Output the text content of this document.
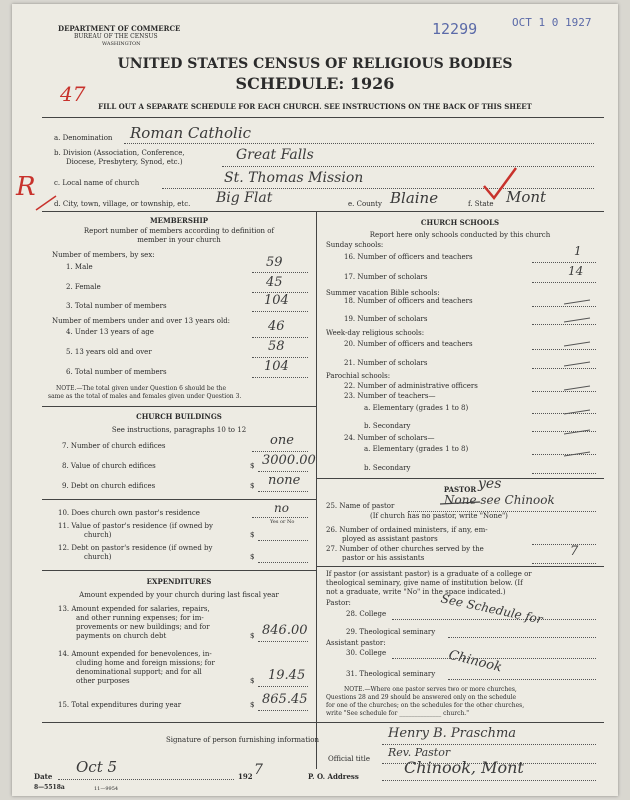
DEPARTMENT OF COMMERCE
BUREAU OF THE CENSUS
WASHINGTON
12299	OCT 1 0 1927
UNITED STATES CENSUS OF RELIGIOUS BODIES
SCHEDULE: 1926
47
FILL OUT A SEPARATE SCHEDULE FOR EACH CHURCH. SEE INSTRUCTIONS ON THE BACK OF THIS SHEET
R
a. Denomination Roman Catholic
b. Division (Association, Conference,
Diocese, Presbytery, Synod, etc.)	Great Falls
c. Local name of church	St. Thomas Mission
d. City, town, village, or township, etc. Big Flat	e. County Blaine	f. State Mont
MEMBERSHIP
Report number of members according to definition of
member in your church
Number of members, by sex:
1. Male	59
2. Female	45
3. Total number of members	104
Number of members under and over 13 years old:
4. Under 13 years of age	46
5. 13 years old and over	58
6. Total number of members	104
NOTE.—The total given under Question 6 should be the
same as the total of males and females given under Question 3.
CHURCH BUILDINGS
See instructions, paragraphs 10 to 12
7. Number of church edifices	one
8. Value of church edifices	$ 3000.00
9. Debt on church edifices	$ none
10. Does church own pastor's residence	no
Yes or No
11. Value of pastor's residence (if owned by
church)	$
12. Debt on pastor's residence (if owned by
church)	$
EXPENDITURES
Amount expended by your church during last fiscal year
13. Amount expended for salaries, repairs,
and other running expenses; for im-
provements or new buildings; and for
payments on church debt	$ 846.00
14. Amount expended for benevolences, in-
cluding home and foreign missions; for
denominational support; and for all
other purposes	$ 19.45
15. Total expenditures during year	$ 865.45
CHURCH SCHOOLS
Report here only schools conducted by this church
Sunday schools:
16. Number of officers and teachers	1
17. Number of scholars	14
Summer vacation Bible schools:
18. Number of officers and teachers
19. Number of scholars
Week-day religious schools:
20. Number of officers and teachers
21. Number of scholars
Parochial schools:
22. Number of administrative officers
23. Number of teachers—
a. Elementary (grades 1 to 8)
b. Secondary
24. Number of scholars—
a. Elementary (grades 1 to 8)
b. Secondary
PASTOR yes
25. Name of pastor	None see Chinook
(If church has no pastor, write "None")
26. Number of ordained ministers, if any, em-
ployed as assistant pastors
27. Number of other churches served by the
pastor or his assistants	7
If pastor (or assistant pastor) is a graduate of a college or
theological seminary, give name of institution below. (If
not a graduate, write "No" in the space indicated.)
Pastor:
28. College	See Schedule for
29. Theological seminary
Assistant pastor:
30. College	Chinook
31. Theological seminary
NOTE.—Where one pastor serves two or more churches,
Questions 28 and 29 should be answered only on the schedule
for one of the churches; on the schedules for the other churches,
write "See schedule for ______________ church."
Signature of person furnishing information	Henry B. Praschma
Official title Rev. Pastor
Date
Oct 5
192 7	P. O. Address	Chinook, Mont
8—5518a	11—9954
